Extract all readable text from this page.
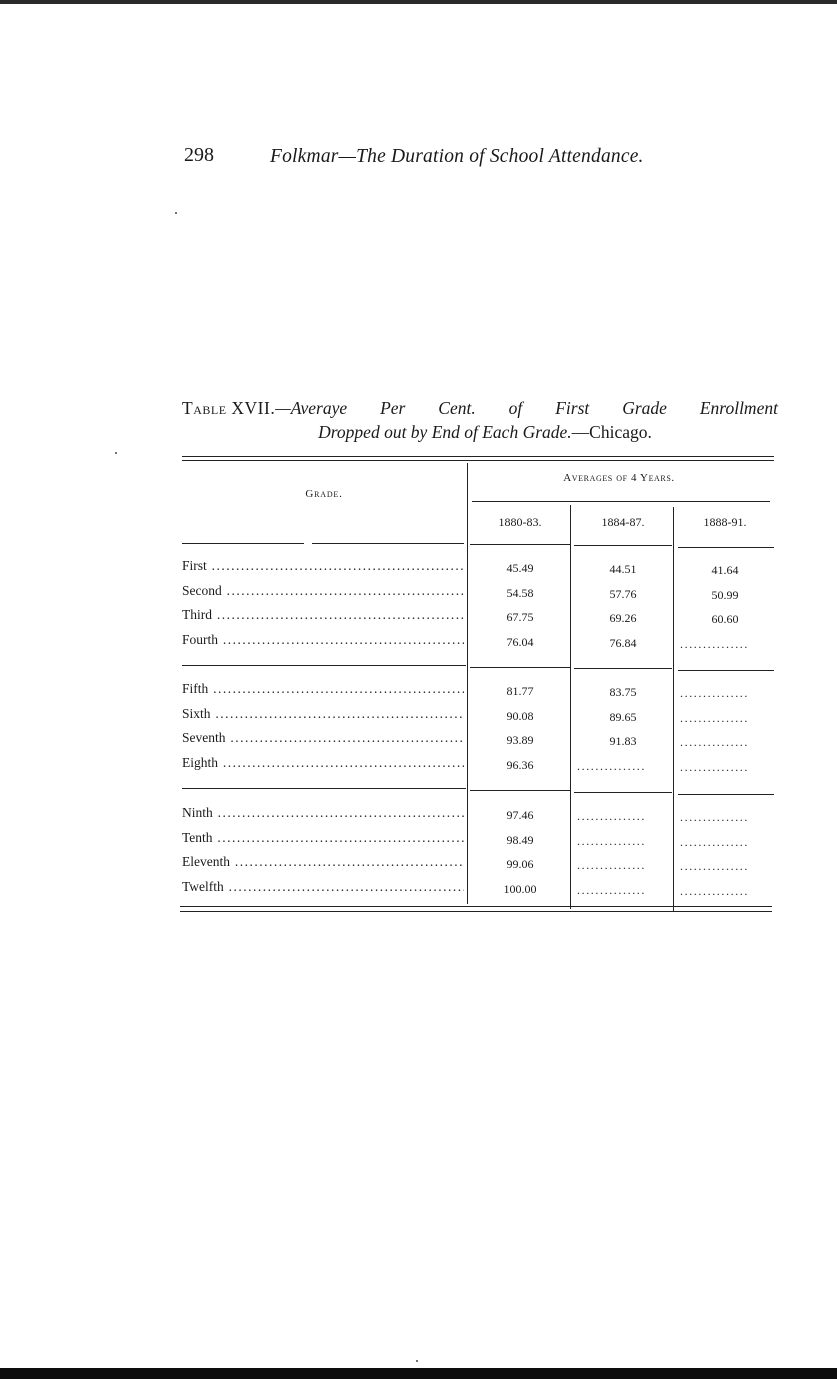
298	Folkmar—The Duration of School Attendance.
Table XVII.—Averaye Per Cent. of First Grade Enrollment
Dropped out by End of Each Grade.—Chicago.
Grade.
Averages of 4 Years.
1880-83.	1884-87.	1888-91.
First .....	45.49	44.51	41.64
Second .....	54.58	57.76	50.99
Third .....	67.75	69.26	60.60
Fourth .....	76.04	76.84	...............
Fifth .....	81.77	83.75	...............
Sixth .....	90.08	89.65	...............
Seventh .....	93.89	91.83	...............
Eighth .....	96.36	...............	...............
Ninth .....	97.46	...............	...............
Tenth .....	98.49	...............	...............
Eleventh .....	99.06	...............	...............
Twelfth .....	100.00	...............	...............
